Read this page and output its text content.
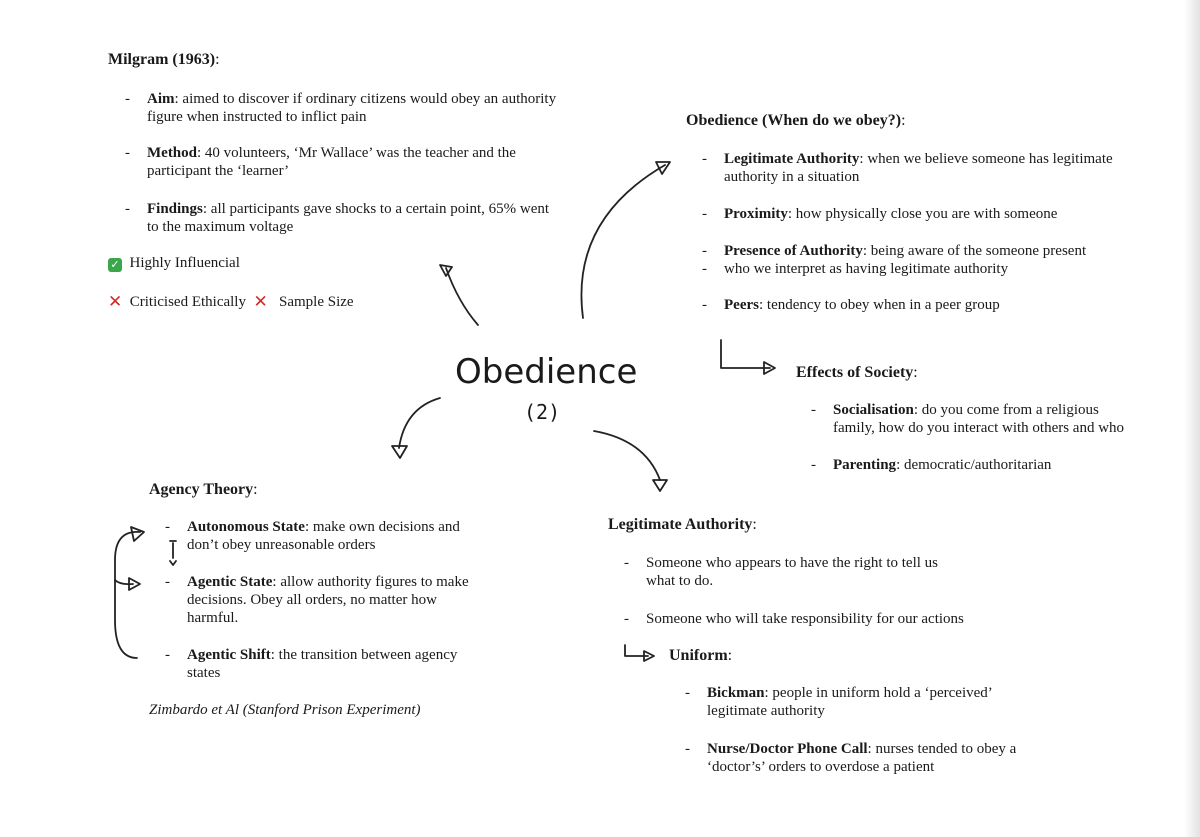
Obedience
(2)
Milgram (1963):
- Aim: aimed to discover if ordinary citizens would obey an authority
figure when instructed to inflict pain
- Method: 40 volunteers, ‘Mr Wallace’ was the teacher and the
participant the ‘learner’
- Findings: all participants gave shocks to a certain point, 65% went
to the maximum voltage
✓ Highly Influencial
✕ Criticised Ethically ✕ Sample Size
Obedience (When do we obey?):
- Legitimate Authority: when we believe someone has legitimate
authority in a situation
- Proximity: how physically close you are with someone
- Presence of Authority: being aware of the someone present

- who we interpret as having legitimate authority
- Peers: tendency to obey when in a peer group
Effects of Society:
- Socialisation: do you come from a religious
family, how do you interact with others and who
- Parenting: democratic/authoritarian
Agency Theory:
- Autonomous State: make own decisions and
don’t obey unreasonable orders
- Agentic State: allow authority figures to make
decisions. Obey all orders, no matter how
harmful.
- Agentic Shift: the transition between agency
states
Zimbardo et Al (Stanford Prison Experiment)
Legitimate Authority:
- Someone who appears to have the right to tell us
what to do.
- Someone who will take responsibility for our actions
Uniform:
- Bickman: people in uniform hold a ‘perceived’
legitimate authority
- Nurse/Doctor Phone Call: nurses tended to obey a
‘doctor’s’ orders to overdose a patient
